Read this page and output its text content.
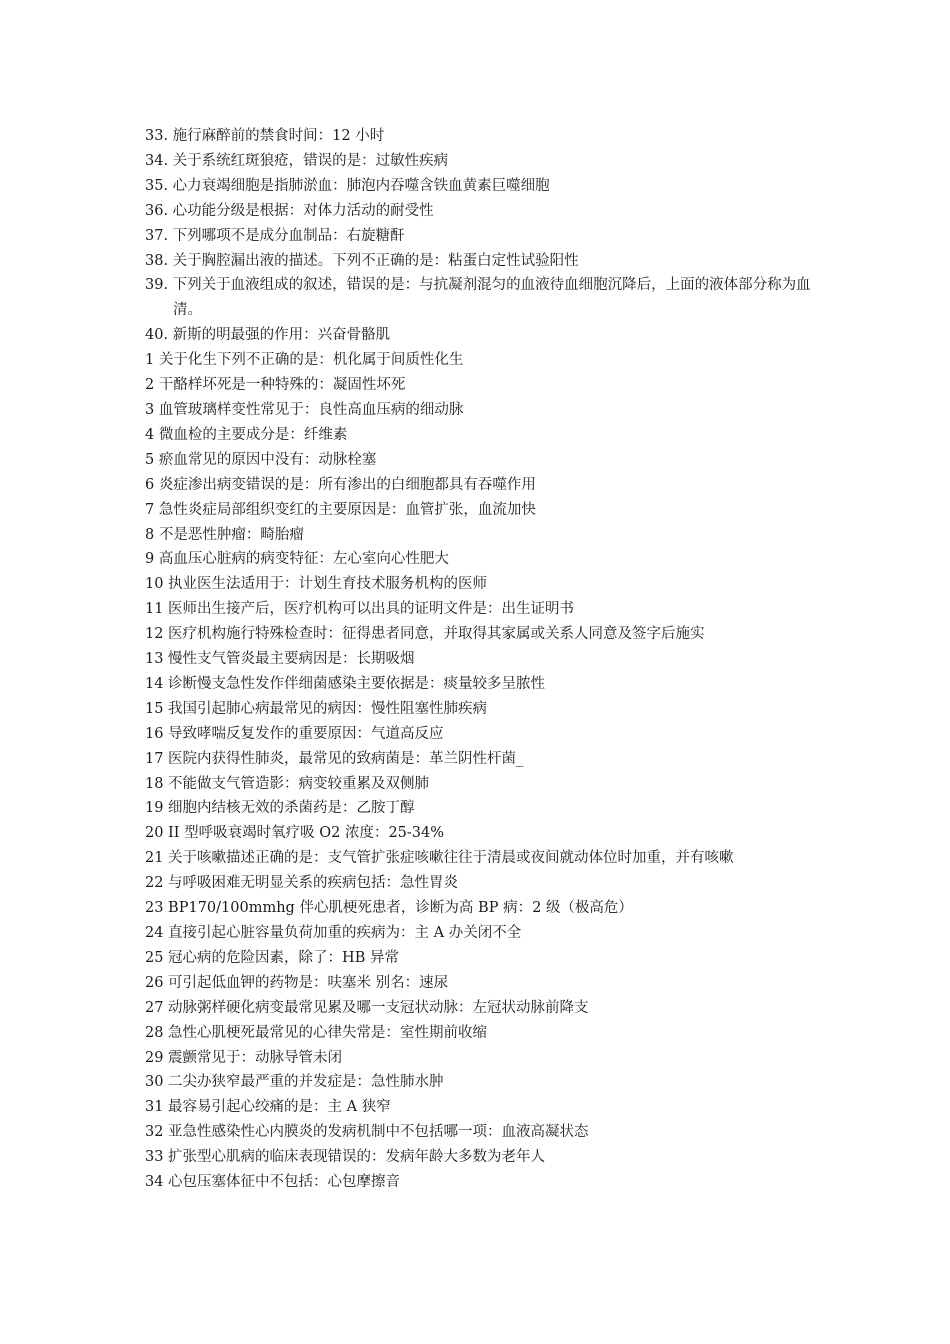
33. 施行麻醉前的禁食时间：12 小时

34. 关于系统红斑狼疮，错误的是：过敏性疾病

35. 心力衰竭细胞是指肺淤血：肺泡内吞噬含铁血黄素巨噬细胞

36. 心功能分级是根据：对体力活动的耐受性

37. 下列哪项不是成分血制品：右旋糖酐

38. 关于胸腔漏出液的描述。下列不正确的是：粘蛋白定性试验阳性

39. 下列关于血液组成的叙述，错误的是：与抗凝剂混匀的血液待血细胞沉降后，上面的液体部分称为血清。

40. 新斯的明最强的作用：兴奋骨骼肌

1 关于化生下列不正确的是：机化属于间质性化生

2 干酪样坏死是一种特殊的：凝固性坏死

3 血管玻璃样变性常见于：良性高血压病的细动脉

4 微血检的主要成分是：纤维素

5 瘀血常见的原因中没有：动脉栓塞

6 炎症渗出病变错误的是：所有渗出的白细胞都具有吞噬作用

7 急性炎症局部组织变红的主要原因是：血管扩张，血流加快

8 不是恶性肿瘤：畸胎瘤

9 高血压心脏病的病变特征：左心室向心性肥大

10 执业医生法适用于：计划生育技术服务机构的医师

11 医师出生接产后，医疗机构可以出具的证明文件是：出生证明书

12 医疗机构施行特殊检查时：征得患者同意，并取得其家属或关系人同意及签字后施实

13 慢性支气管炎最主要病因是：长期吸烟

14 诊断慢支急性发作伴细菌感染主要依据是：痰量较多呈脓性

15 我国引起肺心病最常见的病因：慢性阻塞性肺疾病

16 导致哮喘反复发作的重要原因：气道高反应

17 医院内获得性肺炎，最常见的致病菌是：革兰阴性杆菌_

18 不能做支气管造影：病变较重累及双侧肺

19 细胞内结核无效的杀菌药是：乙胺丁醇

20 II 型呼吸衰竭时氧疗吸 O2 浓度：25-34%

21 关于咳嗽描述正确的是：支气管扩张症咳嗽往往于清晨或夜间就动体位时加重，并有咳嗽

22 与呼吸困难无明显关系的疾病包括：急性胃炎

23 BP170/100mmhg 伴心肌梗死患者，诊断为高 BP 病：2 级（极高危）

24 直接引起心脏容量负荷加重的疾病为：主 A 办关闭不全

25 冠心病的危险因素，除了：HB 异常

26 可引起低血钾的药物是：呋塞米 别名：速尿

27 动脉粥样硬化病变最常见累及哪一支冠状动脉：左冠状动脉前降支

28 急性心肌梗死最常见的心律失常是：室性期前收缩

29 震颤常见于：动脉导管未闭

30 二尖办狭窄最严重的并发症是：急性肺水肿

31 最容易引起心绞痛的是：主 A 狭窄

32 亚急性感染性心内膜炎的发病机制中不包括哪一项：血液高凝状态

33 扩张型心肌病的临床表现错误的：发病年龄大多数为老年人

34 心包压塞体征中不包括：心包摩擦音
